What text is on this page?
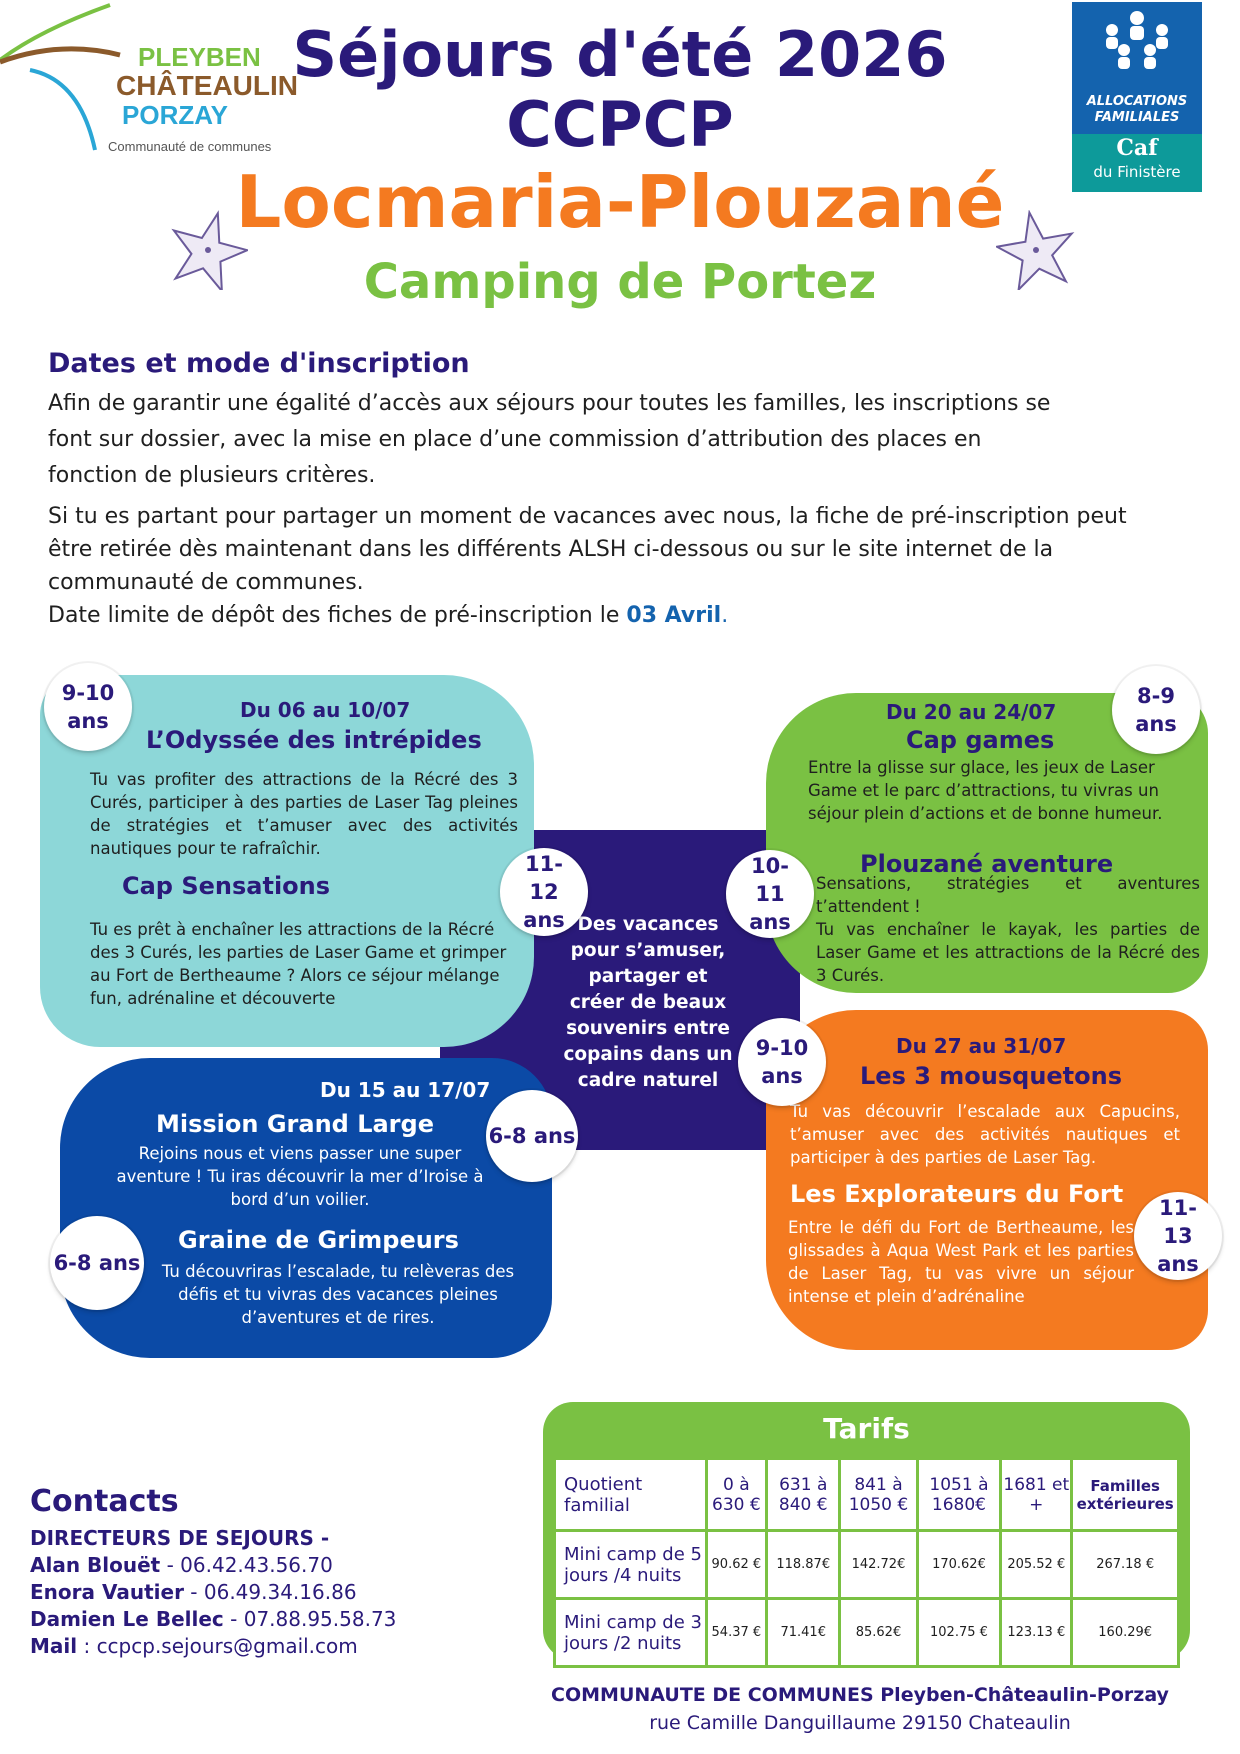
PLEYBEN
CHÂTEAULIN
PORZAY
Communauté de communes
ALLOCATIONS
FAMILIALES
Caf
du Finistère
Séjours d'été 2026
CCPCP
Locmaria-Plouzané
Camping de Portez
Dates et mode d'inscription
Afin de garantir une égalité d’accès aux séjours pour toutes les familles, les inscriptions se font sur dossier, avec la mise en place d’une commission d’attribution des places en fonction de plusieurs critères.
Si tu es partant pour partager un moment de vacances avec nous, la fiche de pré-inscription peut être retirée dès maintenant dans les différents ALSH ci-dessous ou sur le site internet de la communauté de communes.
Date limite de dépôt des fiches de pré-inscription le 03 Avril.
Des vacances pour s’amuser, partager et créer de beaux souvenirs entre copains dans un cadre naturel
Du 06 au 10/07
L’Odyssée des intrépides
Tu vas profiter des attractions de la Récré des 3 Curés, participer à des parties de Laser Tag pleines de stratégies et t’amuser avec des activités nautiques pour te rafraîchir.
Cap Sensations
Tu es prêt à enchaîner les attractions de la Récré des 3 Curés, les parties de Laser Game et grimper au Fort de Bertheaume ? Alors ce séjour mélange fun, adrénaline et découverte
9-10 ans
11-12 ans
Du 20 au 24/07
Cap games
Entre la glisse sur glace, les jeux de Laser Game et le parc d’attractions, tu vivras un séjour plein d’actions et de bonne humeur.
Plouzané aventure
Sensations, stratégies et aventures t’attendent !
Tu vas enchaîner le kayak, les parties de Laser Game et les attractions de la Récré des 3 Curés.
8-9 ans
10-11 ans
Du 15 au 17/07
Mission Grand Large
Rejoins nous et viens passer une super aventure ! Tu iras découvrir la mer d’Iroise à bord d’un voilier.
Graine de Grimpeurs
Tu découvriras l’escalade, tu relèveras des défis et tu vivras des vacances pleines d’aventures et de rires.
6-8 ans
6-8 ans
Du 27 au 31/07
Les 3 mousquetons
Tu vas découvrir l’escalade aux Capucins, t’amuser avec des activités nautiques et participer à des parties de Laser Tag.
Les Explorateurs du Fort
Entre le défi du Fort de Bertheaume, les glissades à Aqua West Park et les parties de Laser Tag, tu vas vivre un séjour intense et plein d’adrénaline
9-10 ans
11-13 ans
Contacts
DIRECTEURS DE SEJOURS -
Alan Blouët - 06.42.43.56.70
Enora Vautier - 06.49.34.16.86
Damien Le Bellec - 07.88.95.58.73
Mail : ccpcp.sejours@gmail.com
Tarifs
Quotient familial	0 à 630 €	631 à 840 €	841 à 1050 €	1051 à 1680€	1681 et +	Familles extérieures
Mini camp de 5 jours /4 nuits	90.62 €	118.87€	142.72€	170.62€	205.52 €	267.18 €
Mini camp de 3 jours /2 nuits	54.37 €	71.41€	85.62€	102.75 €	123.13 €	160.29€
COMMUNAUTE DE COMMUNES Pleyben-Châteaulin-Porzay
rue Camille Danguillaume 29150 Chateaulin
